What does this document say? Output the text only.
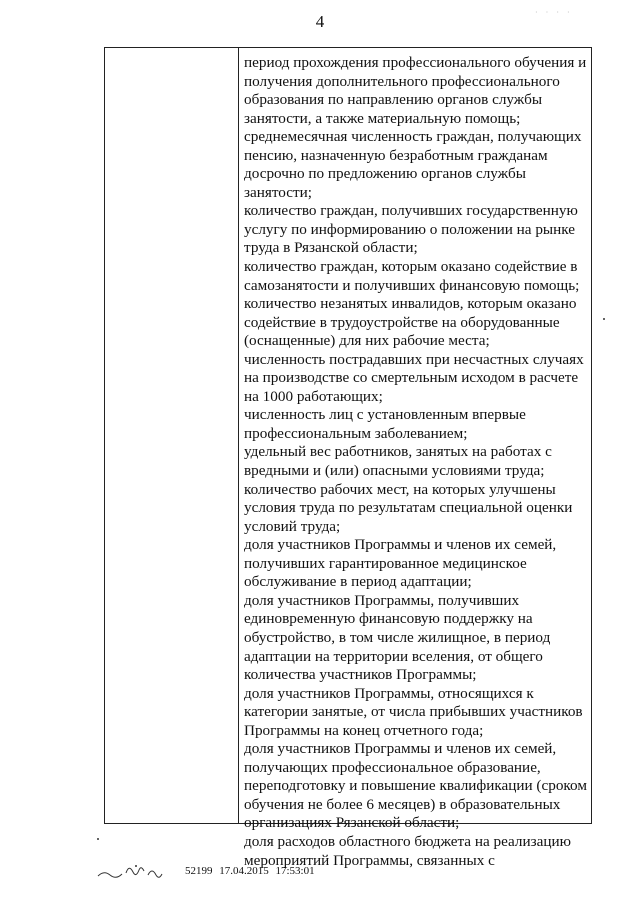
4	· · · ·
период прохождения профессионального обучения и
получения дополнительного профессионального
образования по направлению органов службы
занятости, а также материальную помощь;
среднемесячная численность граждан, получающих
пенсию, назначенную безработным гражданам
досрочно по предложению органов службы
занятости;
количество граждан, получивших государственную
услугу по информированию о положении на рынке
труда в Рязанской области;
количество граждан, которым оказано содействие в
самозанятости и получивших финансовую помощь;
количество незанятых инвалидов, которым оказано
содействие в трудоустройстве на оборудованные
(оснащенные) для них рабочие места;
численность пострадавших при несчастных случаях
на производстве со смертельным исходом в расчете
на 1000 работающих;
численность лиц с установленным впервые
профессиональным заболеванием;
удельный вес работников, занятых на работах с
вредными и (или) опасными условиями труда;
количество рабочих мест, на которых улучшены
условия труда по результатам специальной оценки
условий труда;
доля участников Программы и членов их семей,
получивших гарантированное медицинское
обслуживание в период адаптации;
доля участников Программы, получивших
единовременную финансовую поддержку на
обустройство, в том числе жилищное, в период
адаптации на территории вселения, от общего
количества участников Программы;
доля участников Программы, относящихся к
категории занятые, от числа прибывших участников
Программы на конец отчетного года;
доля участников Программы и членов их семей,
получающих профессиональное образование,
переподготовку и повышение квалификации (сроком
обучения не более 6 месяцев) в образовательных
организациях Рязанской области;
доля расходов областного бюджета на реализацию
мероприятий Программы, связанных с
52199 17.04.2015 17:53:01
